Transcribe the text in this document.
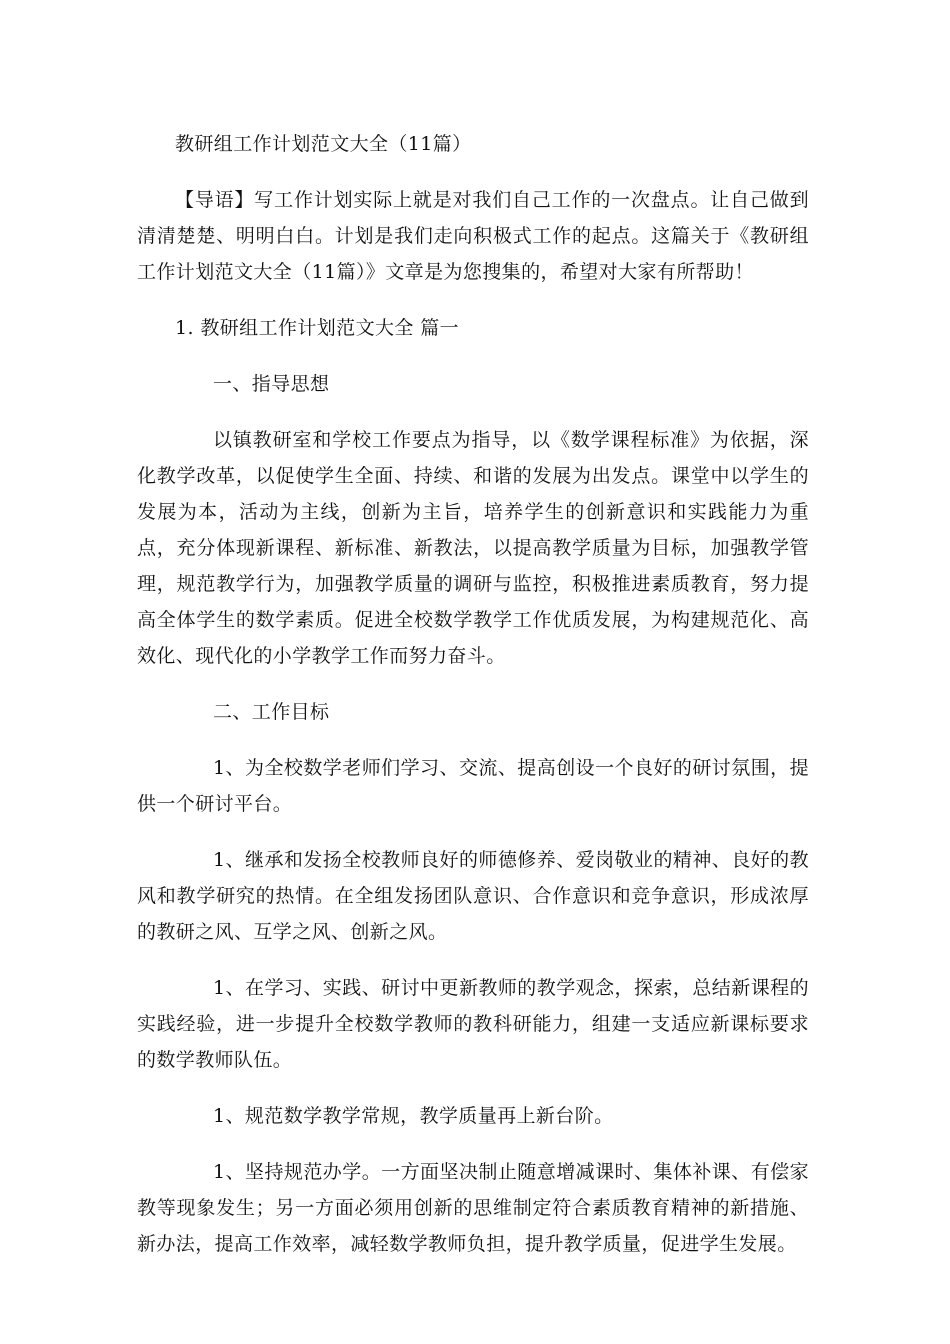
教研组工作计划范文大全（11篇）

【导语】写工作计划实际上就是对我们自己工作的一次盘点。让自己做到清清楚楚、明明白白。计划是我们走向积极式工作的起点。这篇关于《教研组工作计划范文大全（11篇）》文章是为您搜集的，希望对大家有所帮助！

1. 教研组工作计划范文大全 篇一

一、指导思想

以镇教研室和学校工作要点为指导，以《数学课程标准》为依据，深化教学改革，以促使学生全面、持续、和谐的发展为出发点。课堂中以学生的发展为本，活动为主线，创新为主旨，培养学生的创新意识和实践能力为重点，充分体现新课程、新标准、新教法，以提高教学质量为目标，加强教学管理，规范教学行为，加强教学质量的调研与监控，积极推进素质教育，努力提高全体学生的数学素质。促进全校数学教学工作优质发展，为构建规范化、高效化、现代化的小学教学工作而努力奋斗。

二、工作目标

1、为全校数学老师们学习、交流、提高创设一个良好的研讨氛围，提供一个研讨平台。

1、继承和发扬全校教师良好的师德修养、爱岗敬业的精神、良好的教风和教学研究的热情。在全组发扬团队意识、合作意识和竞争意识，形成浓厚的教研之风、互学之风、创新之风。

1、在学习、实践、研讨中更新教师的教学观念，探索，总结新课程的实践经验，进一步提升全校数学教师的教科研能力，组建一支适应新课标要求的数学教师队伍。

1、规范数学教学常规，教学质量再上新台阶。

1、坚持规范办学。一方面坚决制止随意增减课时、集体补课、有偿家教等现象发生；另一方面必须用创新的思维制定符合素质教育精神的新措施、新办法，提高工作效率，减轻数学教师负担，提升教学质量，促进学生发展。
